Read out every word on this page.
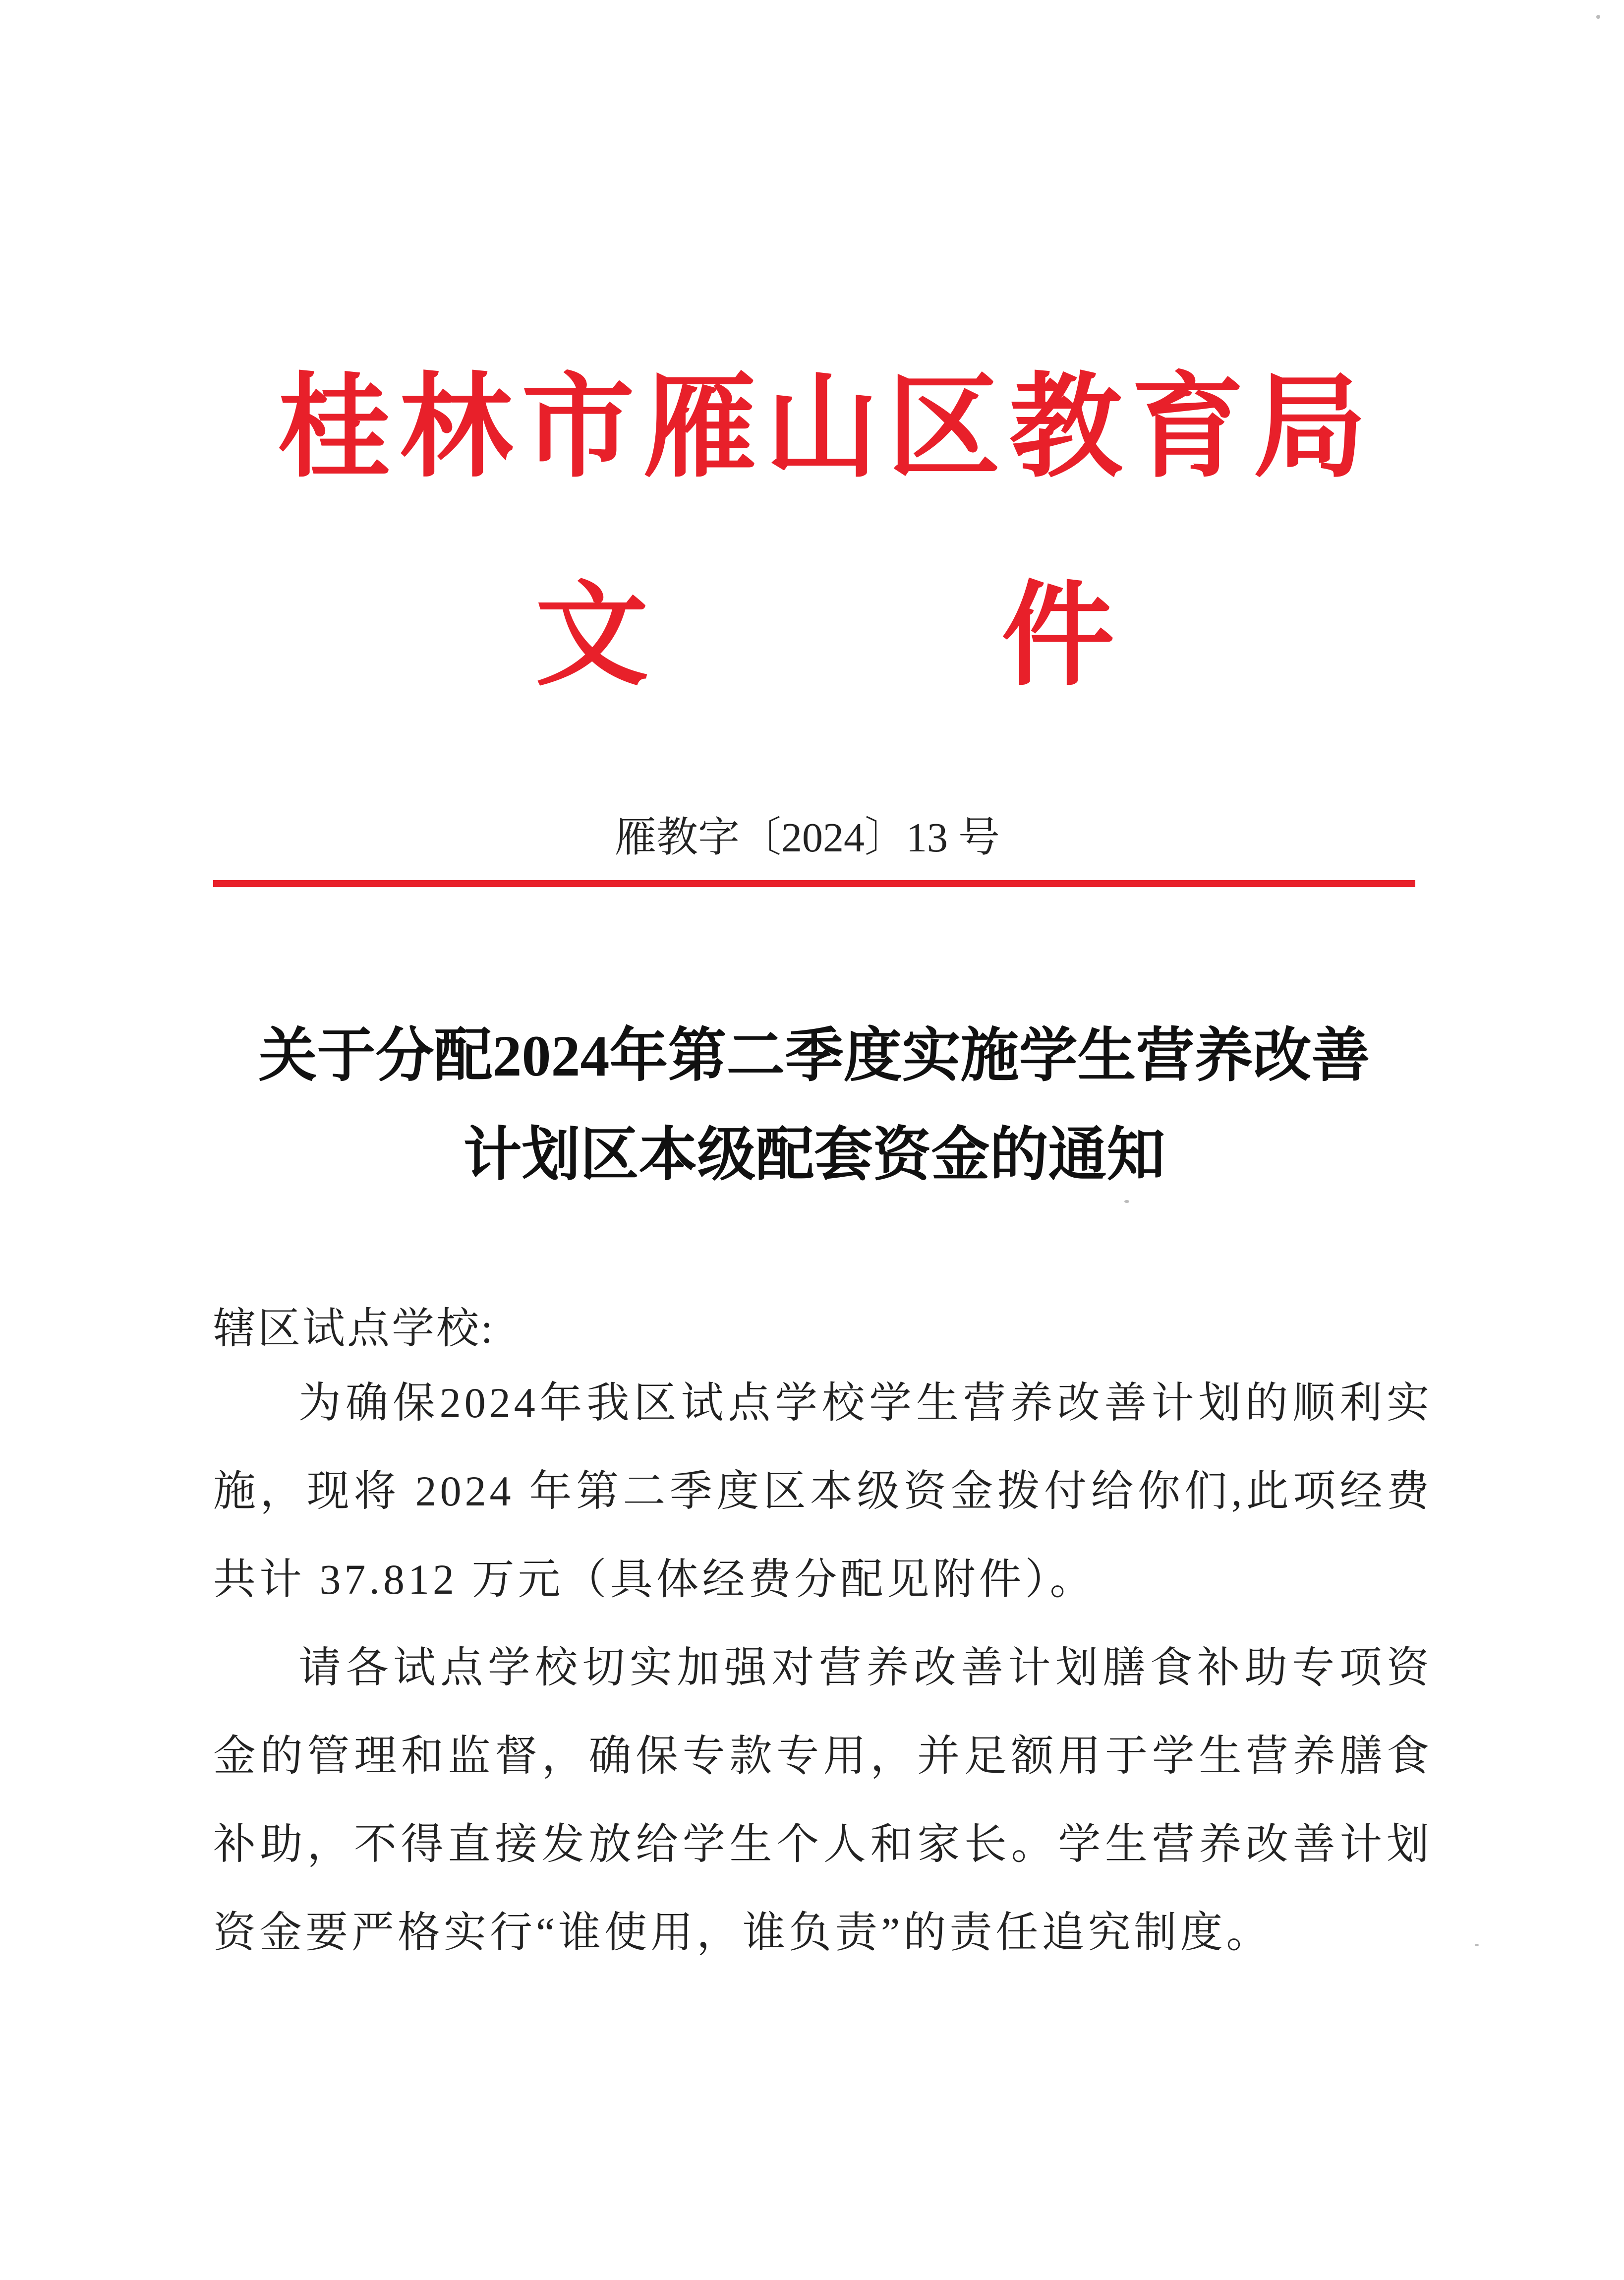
桂林市雁山区教育局
文	件
雁教字〔2024〕13 号
关于分配2024年第二季度实施学生营养改善
计划区本级配套资金的通知
辖区试点学校:

为确保2024年我区试点学校学生营养改善计划的顺利实施，现将 2024 年第二季度区本级资金拨付给你们,此项经费共计 37.812 万元（具体经费分配见附件）。

请各试点学校切实加强对营养改善计划膳食补助专项资金的管理和监督，确保专款专用，并足额用于学生营养膳食补助，不得直接发放给学生个人和家长。学生营养改善计划资金要严格实行“谁使用，谁负责”的责任追究制度。
